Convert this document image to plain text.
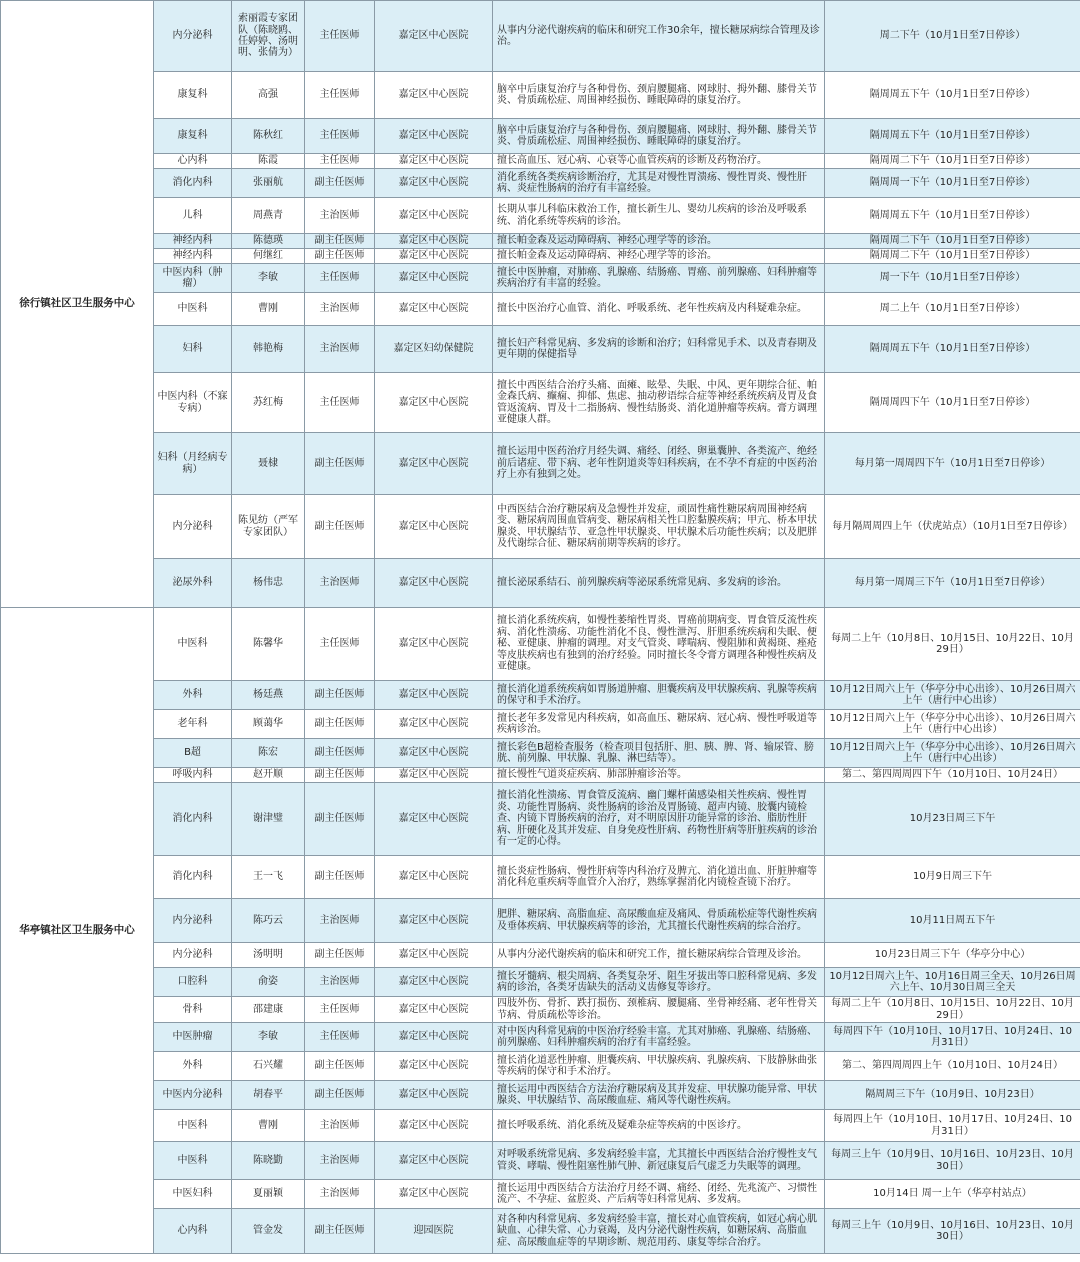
徐行镇社区卫生服务中心	内分泌科	索丽霞专家团队（陈晓鸥、任婷婷、汤明明、张倩为）	主任医师	嘉定区中心医院	从事内分泌代谢疾病的临床和研究工作30余年，擅长糖尿病综合管理及诊治。	周二下午（10月1日至7日停诊）
	康复科	高强	主任医师	嘉定区中心医院	脑卒中后康复治疗与各种骨伤、颈肩腰腿痛、网球肘、拇外翻、膝骨关节炎、骨质疏松症、周围神经损伤、睡眠障碍的康复治疗。	隔周周五下午（10月1日至7日停诊）
	康复科	陈秋红	主任医师	嘉定区中心医院	脑卒中后康复治疗与各种骨伤、颈肩腰腿痛、网球肘、拇外翻、膝骨关节炎、骨质疏松症、周围神经损伤、睡眠障碍的康复治疗。	隔周周五下午（10月1日至7日停诊）
	心内科	陈霞	主任医师	嘉定区中心医院	擅长高血压、冠心病、心衰等心血管疾病的诊断及药物治疗。	隔周周二下午（10月1日至7日停诊）
	消化内科	张丽航	副主任医师	嘉定区中心医院	消化系统各类疾病诊断治疗，尤其是对慢性胃溃疡、慢性胃炎、慢性肝病、炎症性肠病的治疗有丰富经验。	隔周周一下午（10月1日至7日停诊）
	儿科	周燕青	主治医师	嘉定区中心医院	长期从事儿科临床救治工作，擅长新生儿、婴幼儿疾病的诊治及呼吸系统、消化系统等疾病的诊治。	隔周周五下午（10月1日至7日停诊）
	神经内科	陈德瑛	副主任医师	嘉定区中心医院	擅长帕金森及运动障碍病、神经心理学等的诊治。	隔周周二下午（10月1日至7日停诊）
	神经内科	何继红	副主任医师	嘉定区中心医院	擅长帕金森及运动障碍病、神经心理学等的诊治。	隔周周二下午（10月1日至7日停诊）
	中医内科（肿瘤）	李敏	主任医师	嘉定区中心医院	擅长中医肿瘤，对肺癌、乳腺癌、结肠癌、胃癌、前列腺癌、妇科肿瘤等疾病治疗有丰富的经验。	周一下午（10月1日至7日停诊）
	中医科	曹刚	主治医师	嘉定区中心医院	擅长中医治疗心血管、消化、呼吸系统、老年性疾病及内科疑难杂症。	周二上午（10月1日至7日停诊）
	妇科	韩艳梅	主治医师	嘉定区妇幼保健院	擅长妇产科常见病、多发病的诊断和治疗；妇科常见手术、以及青春期及更年期的保健指导	隔周周五下午（10月1日至7日停诊）
	中医内科（不寐专病）	苏红梅	主任医师	嘉定区中心医院	擅长中西医结合治疗头痛、面瘫、眩晕、失眠、中风、更年期综合征、帕金森氏病、癫痫、抑郁、焦虑、抽动秽语综合症等神经系统疾病及胃及食管返流病、胃及十二指肠病、慢性结肠炎、消化道肿瘤等疾病。膏方调理亚健康人群。	隔周周四下午（10月1日至7日停诊）
	妇科（月经病专病）	聂棣	副主任医师	嘉定区中心医院	擅长运用中医药治疗月经失调、痛经、闭经、卵巢囊肿、各类流产、绝经前后诸症、带下病、老年性阴道炎等妇科疾病，在不孕不育症的中医药治疗上亦有独到之处。	每月第一周周四下午（10月1日至7日停诊）
	内分泌科	陈见纺（严军专家团队）	副主任医师	嘉定区中心医院	中西医结合治疗糖尿病及急慢性并发症，顽固性痛性糖尿病周围神经病变、糖尿病周围血管病变、糖尿病相关性口腔黏膜疾病；甲亢、桥本甲状腺炎、甲状腺结节、亚急性甲状腺炎、甲状腺术后功能性疾病；以及肥胖及代谢综合征、糖尿病前期等疾病的诊疗。	每月隔周周四上午（伏虎站点）（10月1日至7日停诊）
	泌尿外科	杨伟忠	主治医师	嘉定区中心医院	擅长泌尿系结石、前列腺疾病等泌尿系统常见病、多发病的诊治。	每月第一周周三下午（10月1日至7日停诊）
华亭镇社区卫生服务中心	中医科	陈馨华	主任医师	嘉定区中心医院	擅长消化系统疾病，如慢性萎缩性胃炎、胃癌前期病变、胃食管反流性疾病、消化性溃疡、功能性消化不良、慢性泄泻、肝胆系统疾病和失眠、便秘、亚健康、肿瘤的调理。对支气管炎、哮喘病、慢阻肺和黄褐斑、痤疮等皮肤疾病也有独到的治疗经验。同时擅长冬令膏方调理各种慢性疾病及亚健康。	每周二上午（10月8日、10月15日、10月22日、10月29日）
	外科	杨廷燕	副主任医师	嘉定区中心医院	擅长消化道系统疾病如胃肠道肿瘤、胆囊疾病及甲状腺疾病、乳腺等疾病的保守和手术治疗。	10月12日周六上午（华亭分中心出诊）、10月26日周六上午（唐行中心出诊）
	老年科	顾蔼华	副主任医师	嘉定区中心医院	擅长老年多发常见内科疾病，如高血压、糖尿病、冠心病、慢性呼吸道等疾病诊治。	10月12日周六上午（华亭分中心出诊）、10月26日周六上午（唐行中心出诊）
	B超	陈宏	副主任医师	嘉定区中心医院	擅长彩色B超检查服务（检查项目包括肝、胆、胰、脾、肾、输尿管、膀胱、前列腺、甲状腺、乳腺、淋巴结等）。	10月12日周六上午（华亭分中心出诊）、10月26日周六上午（唐行中心出诊）
	呼吸内科	赵开顺	副主任医师	嘉定区中心医院	擅长慢性气道炎症疾病、肺部肿瘤诊治等。	第二、第四周周四下午（10月10日、10月24日）
	消化内科	谢津璧	副主任医师	嘉定区中心医院	擅长消化性溃疡、胃食管反流病、幽门螺杆菌感染相关性疾病、慢性胃炎、功能性胃肠病、炎性肠病的诊治及胃肠镜、超声内镜、胶囊内镜检查、内镜下胃肠疾病的治疗，对不明原因肝功能异常的诊治、脂肪性肝病、肝硬化及其并发症、自身免疫性肝病、药物性肝病等肝脏疾病的诊治有一定的心得。	10月23日周三下午
	消化内科	王一飞	副主任医师	嘉定区中心医院	擅长炎症性肠病、慢性肝病等内科治疗及脾亢、消化道出血、肝脏肿瘤等消化科危重疾病等血管介入治疗，熟练掌握消化内镜检查镜下治疗。	10月9日周三下午
	内分泌科	陈巧云	主治医师	嘉定区中心医院	肥胖、糖尿病、高脂血症、高尿酸血症及痛风、骨质疏松症等代谢性疾病及垂体疾病、甲状腺疾病等的诊治，尤其擅长代谢性疾病的综合治疗。	10月11日周五下午
	内分泌科	汤明明	副主任医师	嘉定区中心医院	从事内分泌代谢疾病的临床和研究工作，擅长糖尿病综合管理及诊治。	10月23日周三下午（华亭分中心）
	口腔科	俞姿	主治医师	嘉定区中心医院	擅长牙髓病、根尖周病、各类复杂牙、阻生牙拔出等口腔科常见病、多发病的诊治，各类牙齿缺失的活动义齿修复等诊疗。	10月12日周六上午、10月16日周三全天、10月26日周六上午、10月30日周三全天
	骨科	邵建康	主任医师	嘉定区中心医院	四肢外伤、骨折、跌打损伤、颈椎病、腰腿痛、坐骨神经痛、老年性骨关节病、骨质疏松等诊治。	每周二上午（10月8日、10月15日、10月22日、10月29日）
	中医肿瘤	李敏	主任医师	嘉定区中心医院	对中医内科常见病的中医治疗经验丰富。尤其对肺癌、乳腺癌、结肠癌、前列腺癌、妇科肿瘤疾病的治疗有丰富经验。	每周四下午（10月10日、10月17日、10月24日、10月31日）
	外科	石兴耀	副主任医师	嘉定区中心医院	擅长消化道恶性肿瘤、胆囊疾病、甲状腺疾病、乳腺疾病、下肢静脉曲张等疾病的保守和手术治疗。	第二、第四周周四上午（10月10日、10月24日）
	中医内分泌科	胡春平	副主任医师	嘉定区中心医院	擅长运用中西医结合方法治疗糖尿病及其并发症、甲状腺功能异常、甲状腺炎、甲状腺结节、高尿酸血症、痛风等代谢性疾病。	隔周周三下午（10月9日、10月23日）
	中医科	曹刚	主治医师	嘉定区中心医院	擅长呼吸系统、消化系统及疑难杂症等疾病的中医诊疗。	每周四上午（10月10日、10月17日、10月24日、10月31日）
	中医科	陈晓勤	主治医师	嘉定区中心医院	对呼吸系统常见病、多发病经验丰富，尤其擅长中西医结合治疗慢性支气管炎、哮喘、慢性阻塞性肺气肿、新冠康复后气虚乏力失眠等的调理。	每周三上午（10月9日、10月16日、10月23日、10月30日）
	中医妇科	夏丽颖	主治医师	嘉定区中心医院	擅长运用中西医结合方法治疗月经不调、痛经、闭经、先兆流产、习惯性流产、不孕症、盆腔炎、产后病等妇科常见病、多发病。	10月14日 周一上午（华亭村站点）
	心内科	管金发	副主任医师	迎园医院	对各种内科常见病、多发病经验丰富，擅长对心血管疾病，如冠心病心肌缺血、心律失常、心力衰竭，及内分泌代谢性疾病，如糖尿病、高脂血症、高尿酸血症等的早期诊断、规范用药、康复等综合治疗。	每周三上午（10月9日、10月16日、10月23日、10月30日）
